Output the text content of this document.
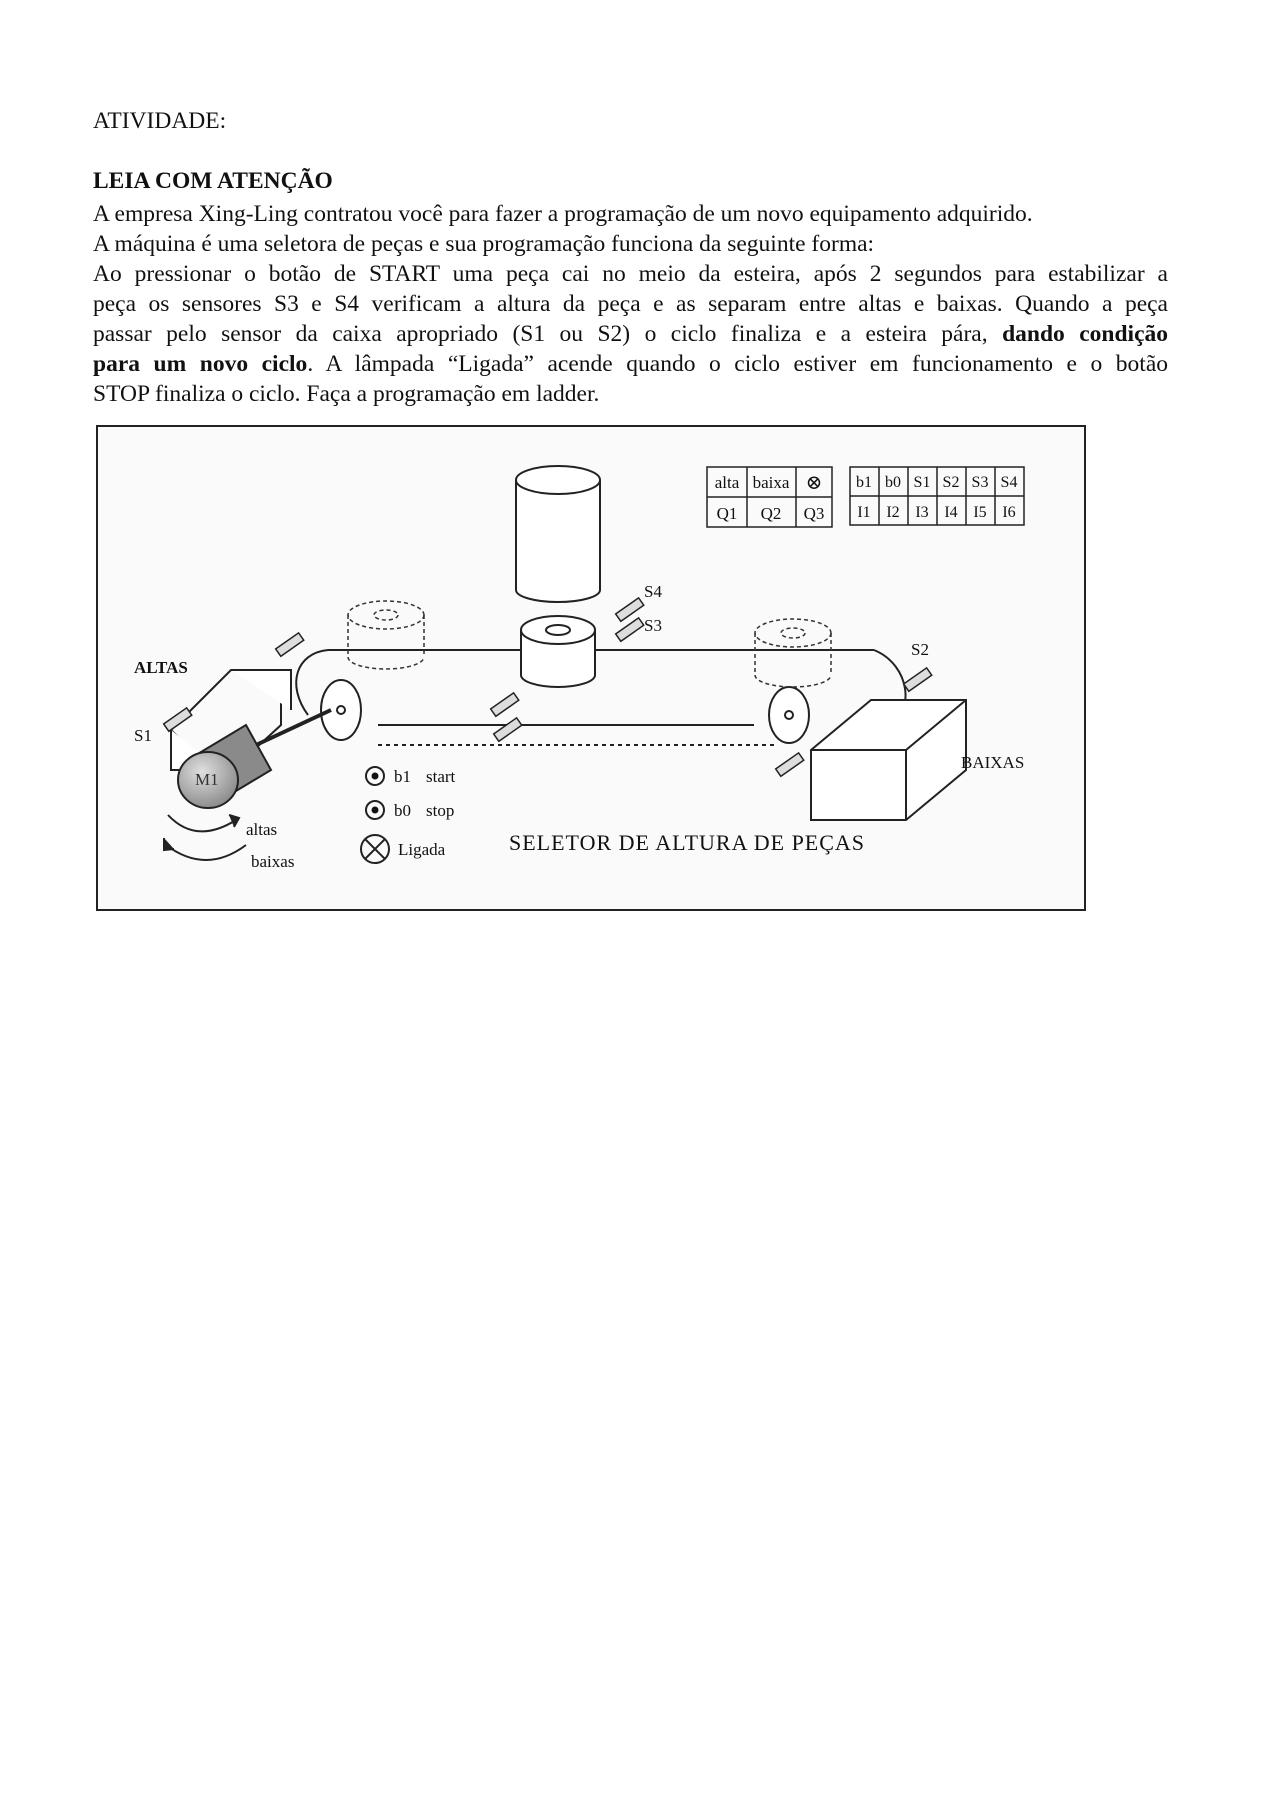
ATIVIDADE:
LEIA COM ATENÇÃO
A empresa Xing-Ling contratou você para fazer a programação de um novo equipamento adquirido.
A máquina é uma seletora de peças e sua programação funciona da seguinte forma:
Ao pressionar o botão de START uma peça cai no meio da esteira, após 2 segundos para estabilizar a
peça os sensores S3 e S4 verificam a altura da peça e as separam entre altas e baixas. Quando a peça
passar pelo sensor da caixa apropriado (S1 ou S2) o ciclo finaliza e a esteira pára, dando condição
para um novo ciclo. A lâmpada “Ligada” acende quando o ciclo estiver em funcionamento e o botão
STOP finaliza o ciclo. Faça a programação em ladder.
alta baixa ⊗
Q1 Q2 Q3
b1 b0 S1 S2 S3 S4
I1 I2 I3 I4 I5 I6
ALTAS
BAIXAS
S1
S2
S3
S4
M1
altas
baixas
b1 start
b0 stop
Ligada	SELETOR DE ALTURA DE PEÇAS
